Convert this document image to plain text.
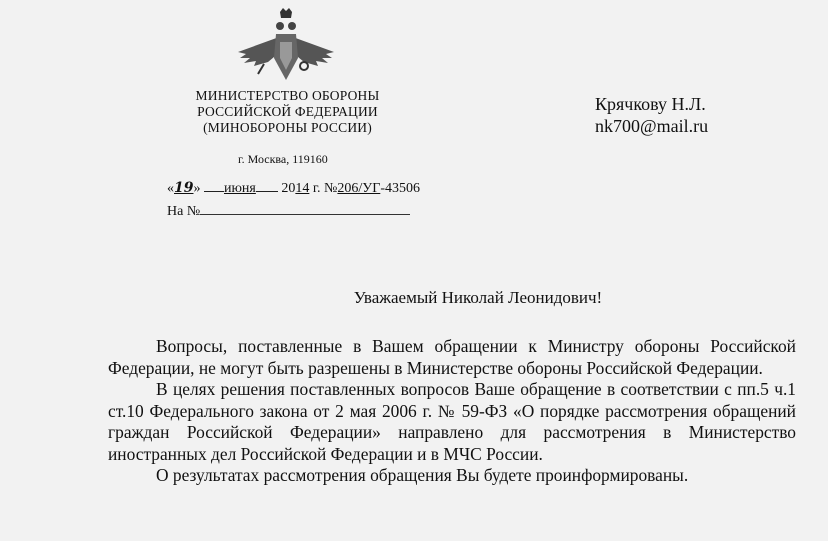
МИНИСТЕРСТВО ОБОРОНЫ
РОССИЙСКОЙ ФЕДЕРАЦИИ
(МИНОБОРОНЫ РОССИИ)
г. Москва, 119160
«19» июня 2014 г. №206/УГ-43506
На №
Крячкову Н.Л.
nk700@mail.ru
Уважаемый Николай Леонидович!

Вопросы, поставленные в Вашем обращении к Министру обороны Российской Федерации, не могут быть разрешены в Министерстве обороны Российской Федерации.

В целях решения поставленных вопросов Ваше обращение в соответствии с пп.5 ч.1 ст.10 Федерального закона от 2 мая 2006 г. № 59-ФЗ «О порядке рассмотрения обращений граждан Российской Федерации» направлено для рассмотрения в Министерство иностранных дел Российской Федерации и в МЧС России.

О результатах рассмотрения обращения Вы будете проинформированы.
